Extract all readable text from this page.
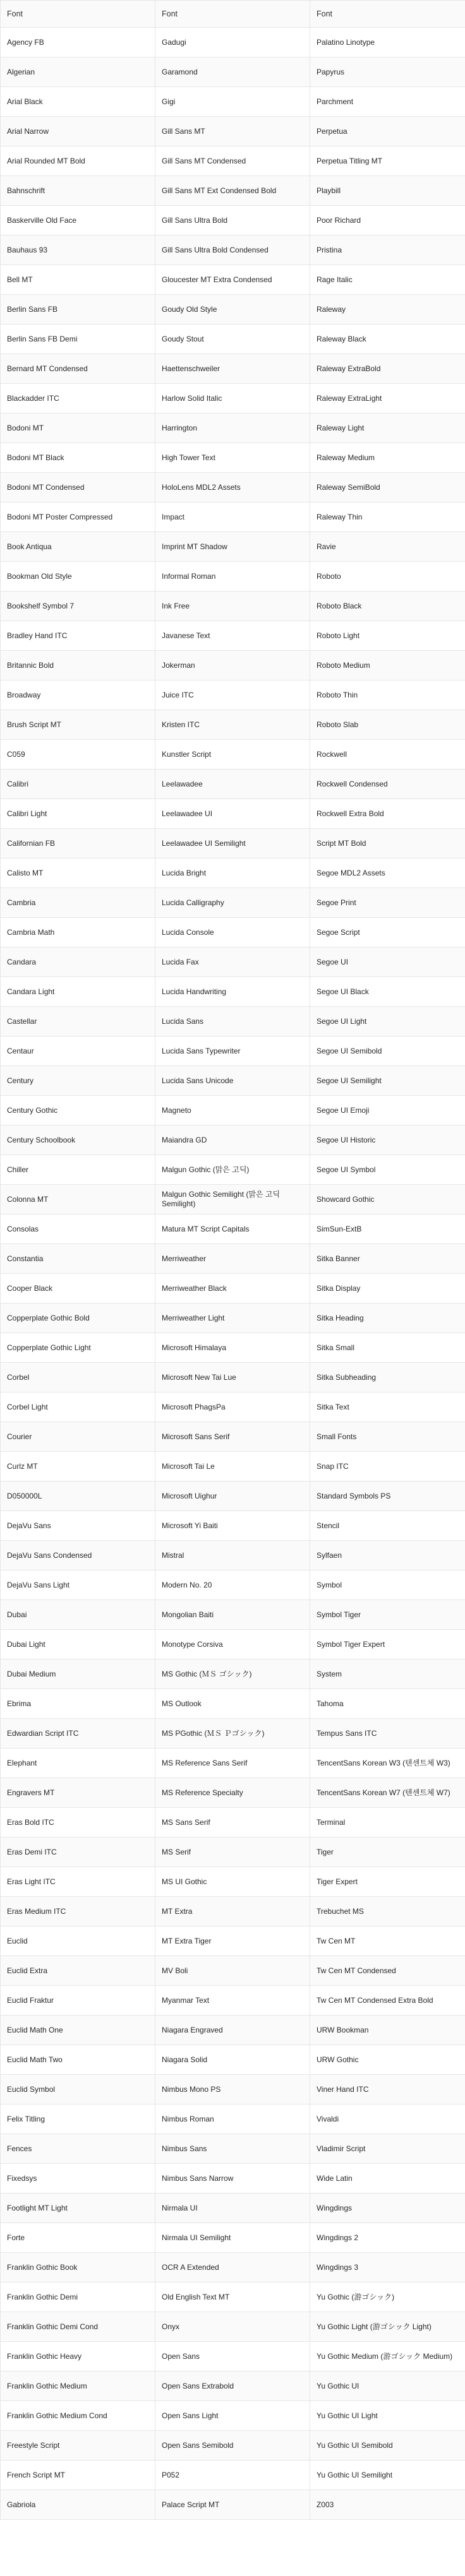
Font	Font	Font
Agency FB	Gadugi	Palatino Linotype
Algerian	Garamond	Papyrus
Arial Black	Gigi	Parchment
Arial Narrow	Gill Sans MT	Perpetua
Arial Rounded MT Bold	Gill Sans MT Condensed	Perpetua Titling MT
Bahnschrift	Gill Sans MT Ext Condensed Bold	Playbill
Baskerville Old Face	Gill Sans Ultra Bold	Poor Richard
Bauhaus 93	Gill Sans Ultra Bold Condensed	Pristina
Bell MT	Gloucester MT Extra Condensed	Rage Italic
Berlin Sans FB	Goudy Old Style	Raleway
Berlin Sans FB Demi	Goudy Stout	Raleway Black
Bernard MT Condensed	Haettenschweiler	Raleway ExtraBold
Blackadder ITC	Harlow Solid Italic	Raleway ExtraLight
Bodoni MT	Harrington	Raleway Light
Bodoni MT Black	High Tower Text	Raleway Medium
Bodoni MT Condensed	HoloLens MDL2 Assets	Raleway SemiBold
Bodoni MT Poster Compressed	Impact	Raleway Thin
Book Antiqua	Imprint MT Shadow	Ravie
Bookman Old Style	Informal Roman	Roboto
Bookshelf Symbol 7	Ink Free	Roboto Black
Bradley Hand ITC	Javanese Text	Roboto Light
Britannic Bold	Jokerman	Roboto Medium
Broadway	Juice ITC	Roboto Thin
Brush Script MT	Kristen ITC	Roboto Slab
C059	Kunstler Script	Rockwell
Calibri	Leelawadee	Rockwell Condensed
Calibri Light	Leelawadee UI	Rockwell Extra Bold
Californian FB	Leelawadee UI Semilight	Script MT Bold
Calisto MT	Lucida Bright	Segoe MDL2 Assets
Cambria	Lucida Calligraphy	Segoe Print
Cambria Math	Lucida Console	Segoe Script
Candara	Lucida Fax	Segoe UI
Candara Light	Lucida Handwriting	Segoe UI Black
Castellar	Lucida Sans	Segoe UI Light
Centaur	Lucida Sans Typewriter	Segoe UI Semibold
Century	Lucida Sans Unicode	Segoe UI Semilight
Century Gothic	Magneto	Segoe UI Emoji
Century Schoolbook	Maiandra GD	Segoe UI Historic
Chiller	Malgun Gothic (맑은 고딕)	Segoe UI Symbol
Colonna MT	Malgun Gothic Semilight (맑은 고딕 Semilight)	Showcard Gothic
Consolas	Matura MT Script Capitals	SimSun-ExtB
Constantia	Merriweather	Sitka Banner
Cooper Black	Merriweather Black	Sitka Display
Copperplate Gothic Bold	Merriweather Light	Sitka Heading
Copperplate Gothic Light	Microsoft Himalaya	Sitka Small
Corbel	Microsoft New Tai Lue	Sitka Subheading
Corbel Light	Microsoft PhagsPa	Sitka Text
Courier	Microsoft Sans Serif	Small Fonts
Curlz MT	Microsoft Tai Le	Snap ITC
D050000L	Microsoft Uighur	Standard Symbols PS
DejaVu Sans	Microsoft Yi Baiti	Stencil
DejaVu Sans Condensed	Mistral	Sylfaen
DejaVu Sans Light	Modern No. 20	Symbol
Dubai	Mongolian Baiti	Symbol Tiger
Dubai Light	Monotype Corsiva	Symbol Tiger Expert
Dubai Medium	MS Gothic (ＭＳ ゴシック)	System
Ebrima	MS Outlook	Tahoma
Edwardian Script ITC	MS PGothic (ＭＳ Ｐゴシック)	Tempus Sans ITC
Elephant	MS Reference Sans Serif	TencentSans Korean W3 (텐센트체 W3)
Engravers MT	MS Reference Specialty	TencentSans Korean W7 (텐센트체 W7)
Eras Bold ITC	MS Sans Serif	Terminal
Eras Demi ITC	MS Serif	Tiger
Eras Light ITC	MS UI Gothic	Tiger Expert
Eras Medium ITC	MT Extra	Trebuchet MS
Euclid	MT Extra Tiger	Tw Cen MT
Euclid Extra	MV Boli	Tw Cen MT Condensed
Euclid Fraktur	Myanmar Text	Tw Cen MT Condensed Extra Bold
Euclid Math One	Niagara Engraved	URW Bookman
Euclid Math Two	Niagara Solid	URW Gothic
Euclid Symbol	Nimbus Mono PS	Viner Hand ITC
Felix Titling	Nimbus Roman	Vivaldi
Fences	Nimbus Sans	Vladimir Script
Fixedsys	Nimbus Sans Narrow	Wide Latin
Footlight MT Light	Nirmala UI	Wingdings
Forte	Nirmala UI Semilight	Wingdings 2
Franklin Gothic Book	OCR A Extended	Wingdings 3
Franklin Gothic Demi	Old English Text MT	Yu Gothic (游ゴシック)
Franklin Gothic Demi Cond	Onyx	Yu Gothic Light (游ゴシック Light)
Franklin Gothic Heavy	Open Sans	Yu Gothic Medium (游ゴシック Medium)
Franklin Gothic Medium	Open Sans Extrabold	Yu Gothic UI
Franklin Gothic Medium Cond	Open Sans Light	Yu Gothic UI Light
Freestyle Script	Open Sans Semibold	Yu Gothic UI Semibold
French Script MT	P052	Yu Gothic UI Semilight
Gabriola	Palace Script MT	Z003
